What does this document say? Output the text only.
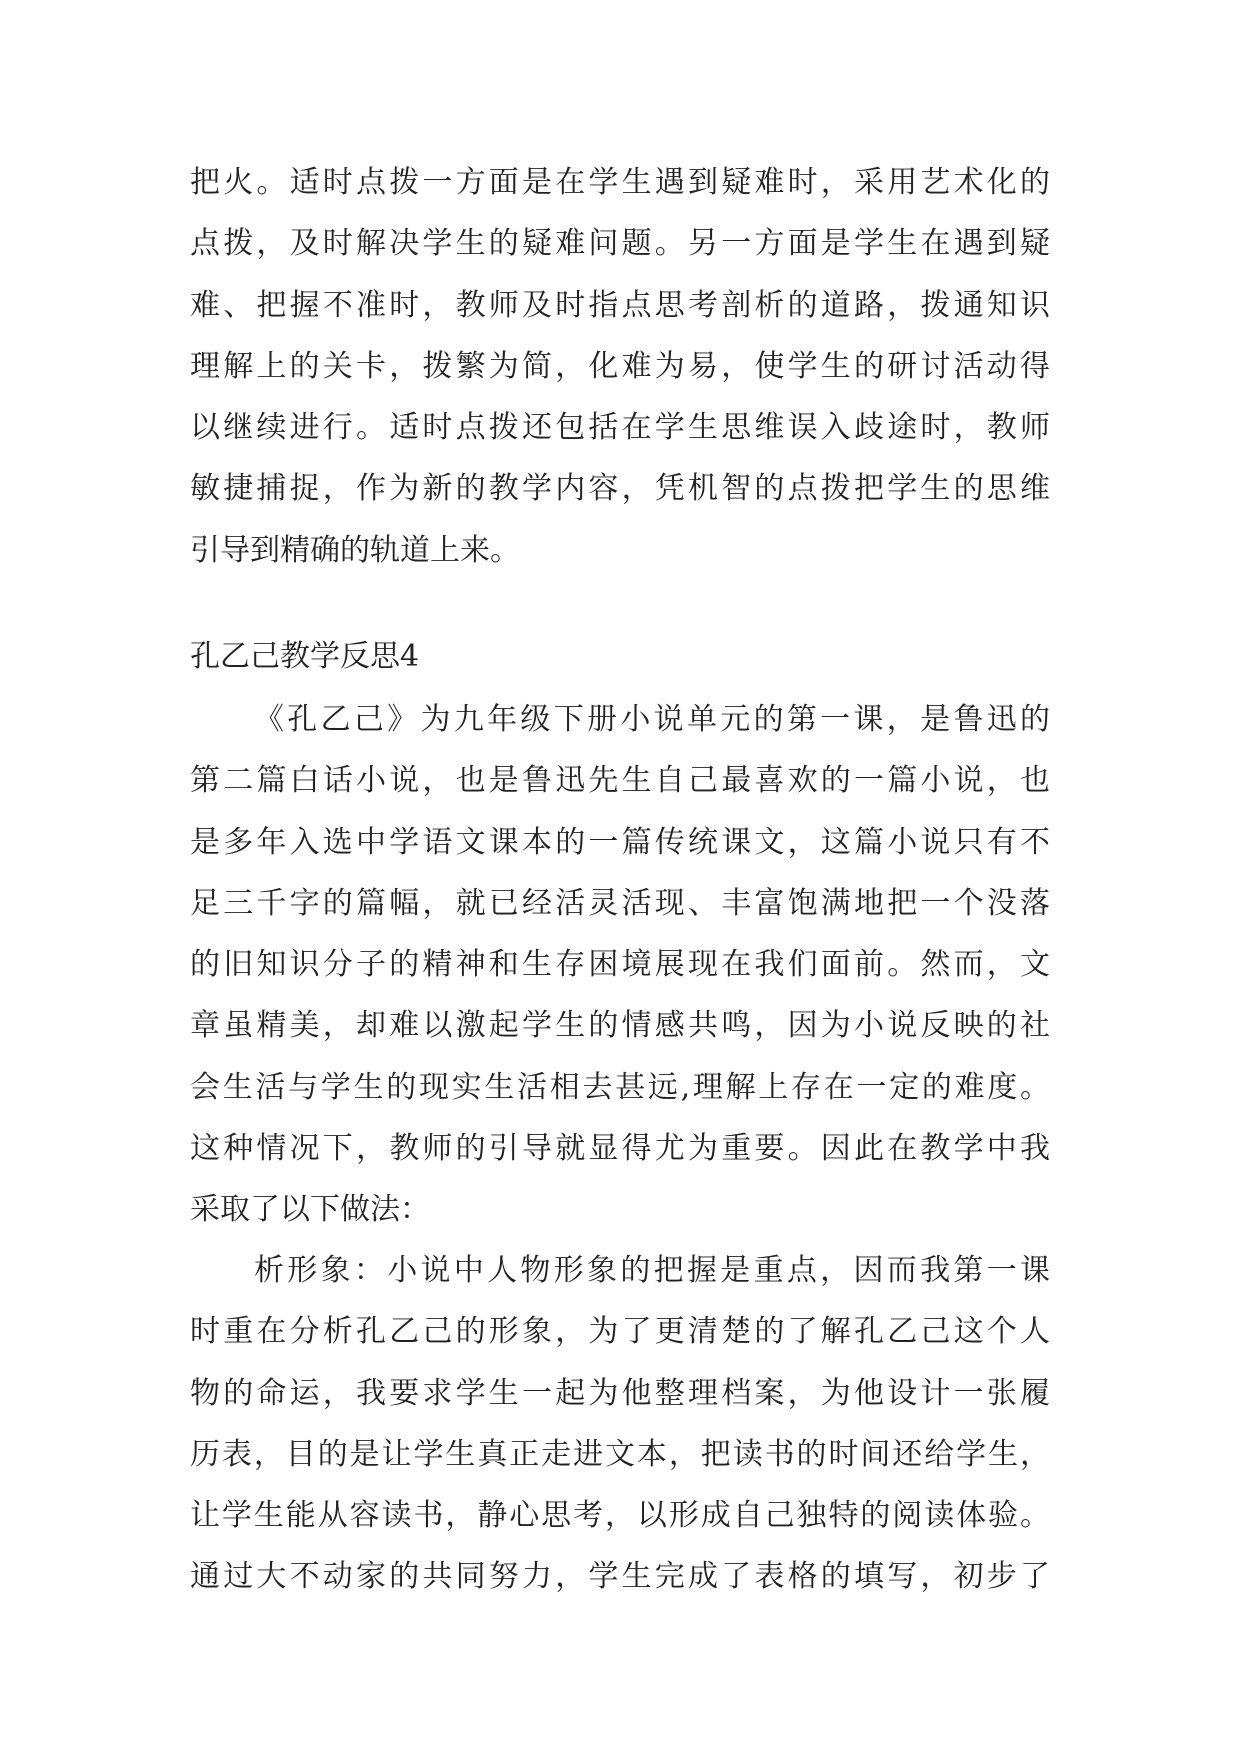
把火。适时点拨一方面是在学生遇到疑难时，采用艺术化的
点拨，及时解决学生的疑难问题。另一方面是学生在遇到疑
难、把握不准时，教师及时指点思考剖析的道路，拨通知识
理解上的关卡，拨繁为简，化难为易，使学生的研讨活动得
以继续进行。适时点拨还包括在学生思维误入歧途时，教师
敏捷捕捉，作为新的教学内容，凭机智的点拨把学生的思维
引导到精确的轨道上来。
孔乙己教学反思4
《孔乙己》为九年级下册小说单元的第一课，是鲁迅的
第二篇白话小说，也是鲁迅先生自己最喜欢的一篇小说，也
是多年入选中学语文课本的一篇传统课文，这篇小说只有不
足三千字的篇幅，就已经活灵活现、丰富饱满地把一个没落
的旧知识分子的精神和生存困境展现在我们面前。然而，文
章虽精美，却难以激起学生的情感共鸣，因为小说反映的社
会生活与学生的现实生活相去甚远,理解上存在一定的难度。
这种情况下，教师的引导就显得尤为重要。因此在教学中我
采取了以下做法：
析形象：小说中人物形象的把握是重点，因而我第一课
时重在分析孔乙己的形象，为了更清楚的了解孔乙己这个人
物的命运，我要求学生一起为他整理档案，为他设计一张履
历表，目的是让学生真正走进文本，把读书的时间还给学生，
让学生能从容读书，静心思考，以形成自己独特的阅读体验。
通过大不动家的共同努力，学生完成了表格的填写，初步了
